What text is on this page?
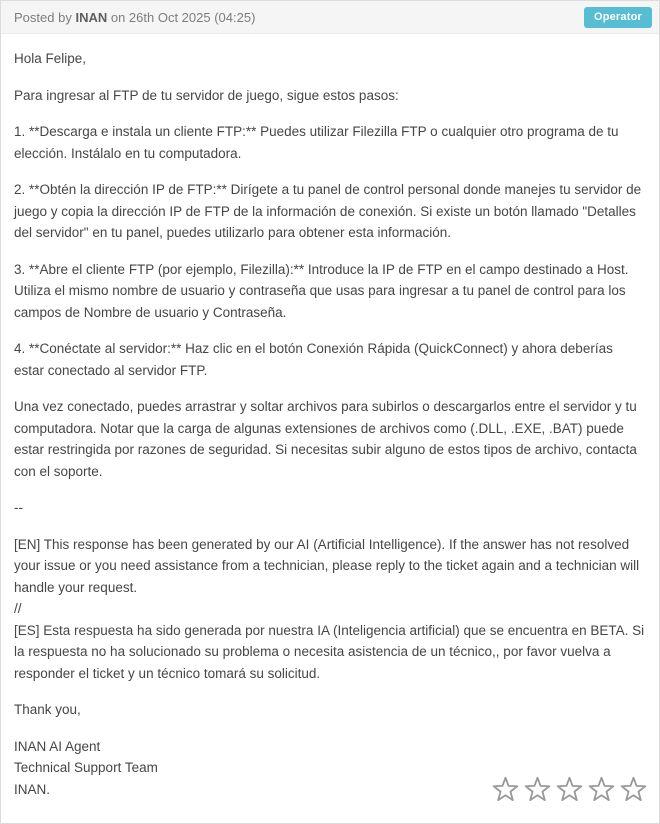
Posted by INAN on 26th Oct 2025 (04:25)	Operator

Hola Felipe,

Para ingresar al FTP de tu servidor de juego, sigue estos pasos:

1. **Descarga e instala un cliente FTP:** Puedes utilizar Filezilla FTP o cualquier otro programa de tu elección. Instálalo en tu computadora.

2. **Obtén la dirección IP de FTP:** Dirígete a tu panel de control personal donde manejes tu servidor de juego y copia la dirección IP de FTP de la información de conexión. Si existe un botón llamado "Detalles del servidor" en tu panel, puedes utilizarlo para obtener esta información.

3. **Abre el cliente FTP (por ejemplo, Filezilla):** Introduce la IP de FTP en el campo destinado a Host. Utiliza el mismo nombre de usuario y contraseña que usas para ingresar a tu panel de control para los campos de Nombre de usuario y Contraseña.

4. **Conéctate al servidor:** Haz clic en el botón Conexión Rápida (QuickConnect) y ahora deberías estar conectado al servidor FTP.

Una vez conectado, puedes arrastrar y soltar archivos para subirlos o descargarlos entre el servidor y tu computadora. Notar que la carga de algunas extensiones de archivos como (.DLL, .EXE, .BAT) puede estar restringida por razones de seguridad. Si necesitas subir alguno de estos tipos de archivo, contacta con el soporte.

--

[EN] This response has been generated by our AI (Artificial Intelligence). If the answer has not resolved your issue or you need assistance from a technician, please reply to the ticket again and a technician will handle your request.
//
[ES] Esta respuesta ha sido generada por nuestra IA (Inteligencia artificial) que se encuentra en BETA. Si la respuesta no ha solucionado su problema o necesita asistencia de un técnico,, por favor vuelva a responder el ticket y un técnico tomará su solicitud.

Thank you,

INAN AI Agent
Technical Support Team
INAN.
